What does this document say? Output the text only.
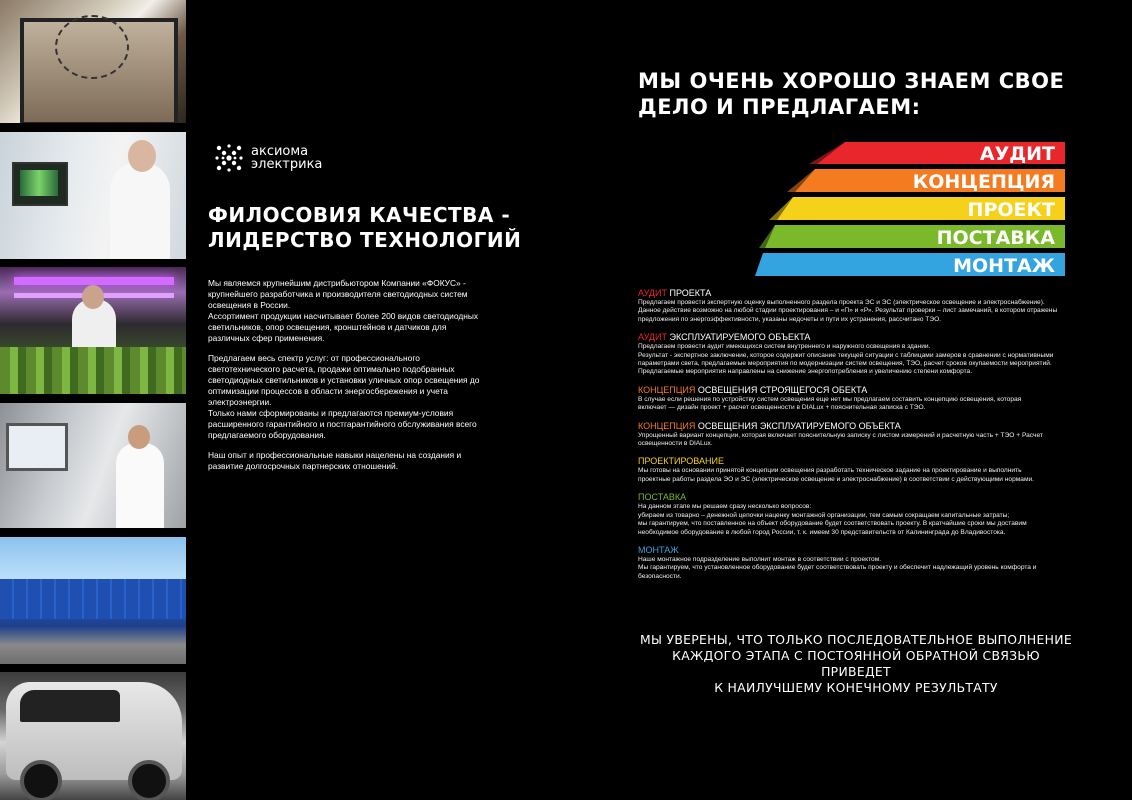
аксиома
электрика
ФИЛОСОВИЯ КАЧЕСТВА -
ЛИДЕРСТВО ТЕХНОЛОГИЙ

Мы являемся крупнейшим дистрибьютором Компании «ФОКУС» -
крупнейшего разработчика и производителя светодиодных систем
освещения в России.
Ассортимент продукции насчитывает более 200 видов светодиодных
светильников, опор освещения, кронштейнов и датчиков для
различных сфер применения.

Предлагаем весь спектр услуг: от профессионального
светотехнического расчета, продажи оптимально подобранных
светодиодных светильников и установки уличных опор освещения до
оптимизации процессов в области энергосбережения и учета
электроэнергии.
Только нами сформированы и предлагаются премиум-условия
расширенного гарантийного и постгарантийного обслуживания всего
предлагаемого оборудования.

Наш опыт и профессиональные навыки нацелены на создания и
развитие долгосрочных партнерских отношений.

МЫ ОЧЕНЬ ХОРОШО ЗНАЕМ СВОЕ
ДЕЛО И ПРЕДЛАГАЕМ:
АУДИТ
КОНЦЕПЦИЯ
ПРОЕКТ
ПОСТАВКА
МОНТАЖ
АУДИТ ПРОЕКТА
Предлагаем провести экспертную оценку выполненного раздела проекта ЭС и ЭС (электрическое освещение и электроснабжение).
Данное действие возможно на любой стадии проектирования – и «П» и «Р». Результат проверки – лист замечаний, в котором отражены
предложения по энергоэффективности, указаны недочеты и пути их устранения, рассчитано ТЭО.
АУДИТ ЭКСПЛУАТИРУЕМОГО ОБЪЕКТА
Предлагаем провести аудит имеющихся систем внутреннего и наружного освещения в здании.
Результат - экспертное заключение, которое содержит описание текущей ситуации с таблицами замеров в сравнении с нормативными
параметрами света, предлагаемые мероприятия по модернизации систем освещения, ТЭО, расчет сроков окупаемости мероприятий.
Предлагаемые мероприятия направлены на снижение энергопотребления и увеличению степени комфорта.
КОНЦЕПЦИЯ ОСВЕЩЕНИЯ СТРОЯЩЕГОСЯ ОБЕКТА
В случае если решения по устройству систем освещения еще нет мы предлагаем составить концепцию освещения, которая
включает — дизайн проект + расчет освещенности в DIALux + пояснительная записка с ТЭО.
КОНЦЕПЦИЯ ОСВЕЩЕНИЯ ЭКСПЛУАТИРУЕМОГО ОБЪЕКТА
Упрощенный вариант концепции, которая включает пояснительную записку с листом измерений и расчетную часть + ТЭО + Расчет
освещенности в DIALux.
ПРОЕКТИРОВАНИЕ
Мы готовы на основании принятой концепции освещения разработать техническое задание на проектирование и выполнить
проектные работы раздела ЭО и ЭС (электрическое освещение и электроснабжение) в соответствии с действующими нормами.
ПОСТАВКА
На данном этапе мы решаем сразу несколько вопросов:
убираем из товарно – денежной цепочки наценку монтажной организации, тем самым сокращаем капитальные затраты;
мы гарантируем, что поставленное на объект оборудование будет соответствовать проекту. В кратчайшие сроки мы доставим
необходимое оборудование в любой город России, т. к. имеем 30 представительств от Калининграда до Владивостока.
МОНТАЖ
Наше монтажное подразделение выполнит монтаж в соответствии с проектом.
Мы гарантируем, что установленное оборудование будет соответствовать проекту и обеспечит надлежащий уровень комфорта и
безопасности.

МЫ УВЕРЕНЫ, ЧТО ТОЛЬКО ПОСЛЕДОВАТЕЛЬНОЕ ВЫПОЛНЕНИЕ
КАЖДОГО ЭТАПА С ПОСТОЯННОЙ ОБРАТНОЙ СВЯЗЬЮ ПРИВЕДЕТ
К НАИЛУЧШЕМУ КОНЕЧНОМУ РЕЗУЛЬТАТУ
